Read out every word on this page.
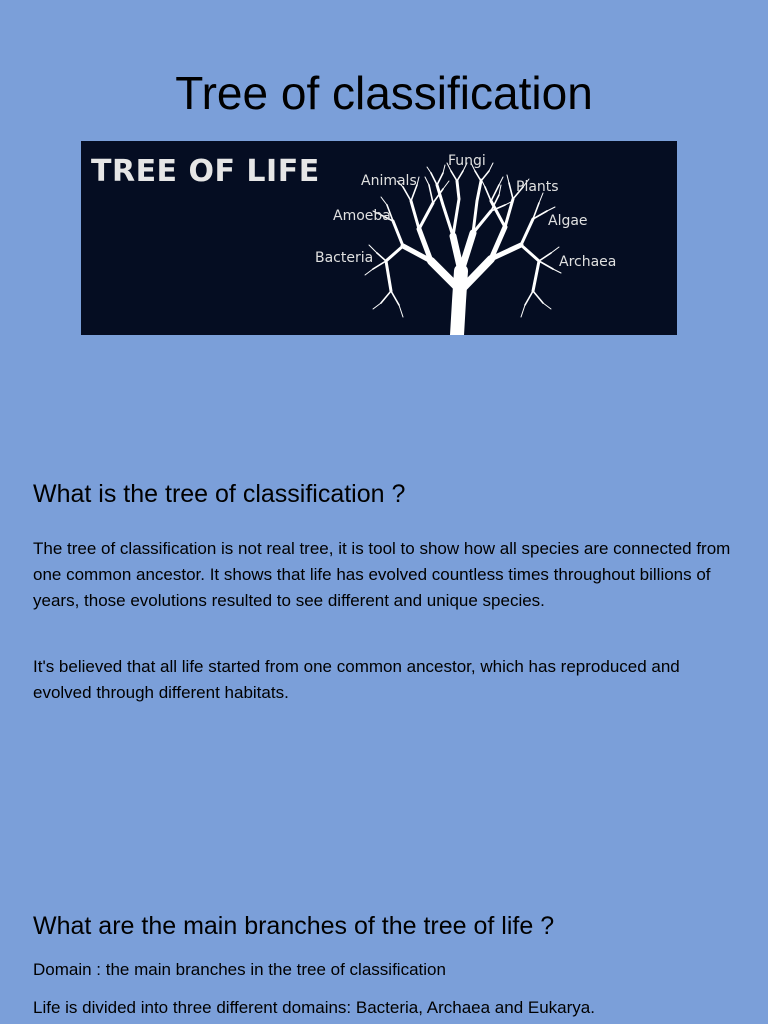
Tree of classification
TREE OF LIFE	Fungi
Animals	Plants
Amoeba	Algae
Bacteria	Archaea
What is the tree of classification ?

The tree of classification is not real tree, it is tool to show how all species are connected from one common ancestor. It shows that life has evolved countless times throughout billions of years, those evolutions resulted to see different and unique species.

It's believed that all life started from one common ancestor, which has reproduced and evolved through different habitats.

What are the main branches of the tree of life ?

Domain : the main branches in the tree of classification

Life is divided into three different domains: Bacteria, Archaea and Eukarya.
